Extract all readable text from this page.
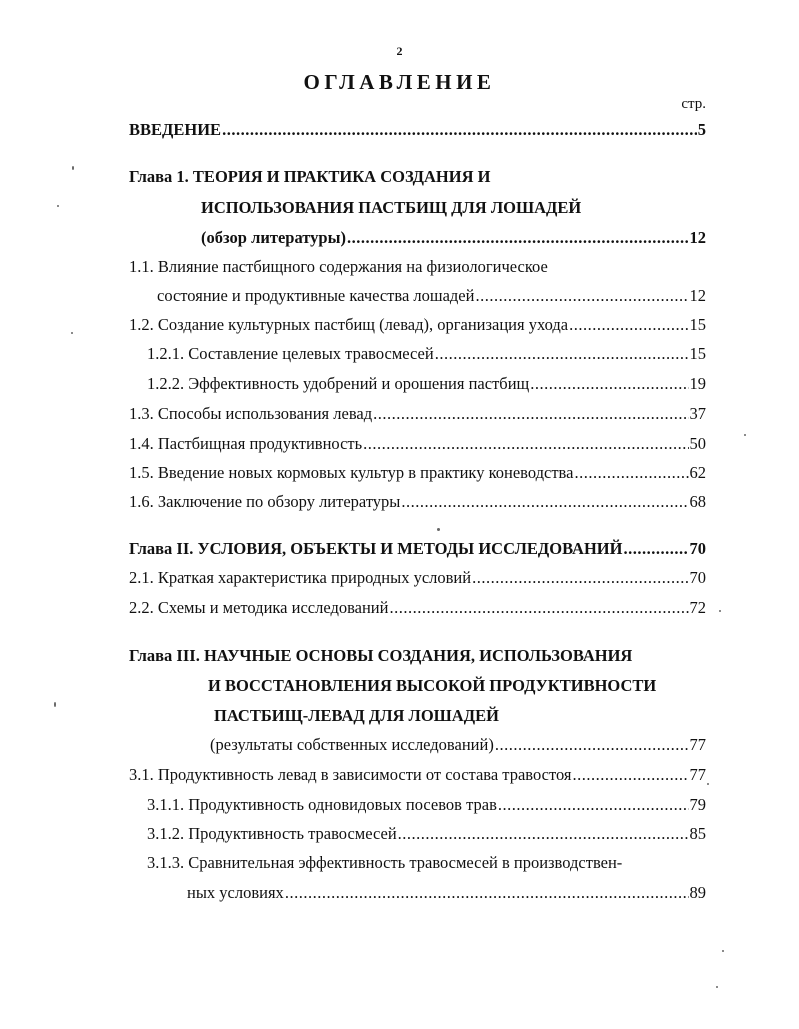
2
ОГЛАВЛЕНИЕ
стр.
ВВЕДЕНИЕ .....	5
Глава 1. ТЕОРИЯ И ПРАКТИКА СОЗДАНИЯ И
ИСПОЛЬЗОВАНИЯ ПАСТБИЩ ДЛЯ ЛОШАДЕЙ
(обзор литературы) .....	12
1.1. Влияние пастбищного содержания на физиологическое
состояние и продуктивные качества лошадей .....	12
1.2. Создание культурных пастбищ (левад), организация ухода .....	15
1.2.1. Составление целевых травосмесей .....	15
1.2.2. Эффективность удобрений и орошения пастбищ .....	19
1.3. Способы использования левад .....	37
1.4. Пастбищная продуктивность .....	50
1.5. Введение новых кормовых культур в практику коневодства .....	62
1.6. Заключение по обзору литературы .....	68
Глава II. УСЛОВИЯ, ОБЪЕКТЫ И МЕТОДЫ ИССЛЕДОВАНИЙ .....	70
2.1. Краткая характеристика природных условий .....	70
2.2. Схемы и методика исследований .....	72
Глава III. НАУЧНЫЕ ОСНОВЫ СОЗДАНИЯ, ИСПОЛЬЗОВАНИЯ
И ВОССТАНОВЛЕНИЯ ВЫСОКОЙ ПРОДУКТИВНОСТИ
ПАСТБИЩ-ЛЕВАД ДЛЯ ЛОШАДЕЙ
(результаты собственных исследований) .....	77
3.1. Продуктивность левад в зависимости от состава травостоя .....	77
3.1.1. Продуктивность одновидовых посевов трав .....	79
3.1.2. Продуктивность травосмесей .....	85
3.1.3. Сравнительная эффективность травосмесей в производствен-
ных условиях .....	89
